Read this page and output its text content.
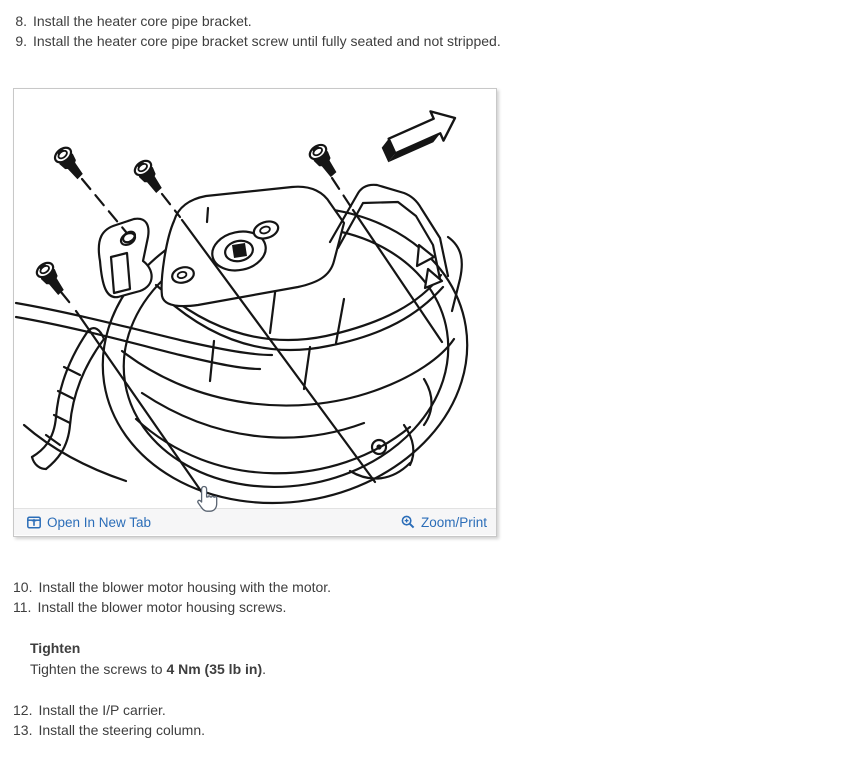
8. Install the heater core pipe bracket.
9. Install the heater core pipe bracket screw until fully seated and not stripped.
Open In New Tab	Zoom/Print
10. Install the blower motor housing with the motor.
11. Install the blower motor housing screws.
Tighten
Tighten the screws to 4 Nm (35 lb in).
12. Install the I/P carrier.
13. Install the steering column.
